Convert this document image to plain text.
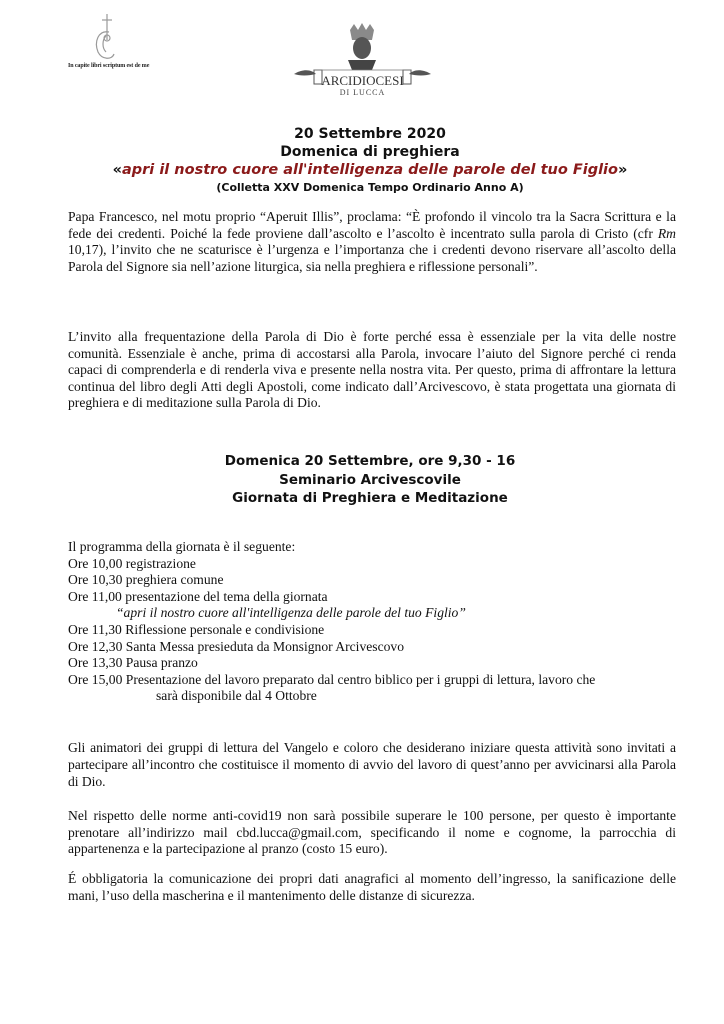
In capite libri scriptum est de me
ARCIDIOCESI
DI LUCCA
20 Settembre 2020
Domenica di preghiera
«apri il nostro cuore all'intelligenza delle parole del tuo Figlio»
(Colletta XXV Domenica Tempo Ordinario Anno A)
Papa Francesco, nel motu proprio “Aperuit Illis”, proclama: “È profondo il vincolo tra la Sacra Scrittura e la fede dei credenti. Poiché la fede proviene dall’ascolto e l’ascolto è incentrato sulla parola di Cristo (cfr Rm 10,17), l’invito che ne scaturisce è l’urgenza e l’importanza che i credenti devono riservare all’ascolto della Parola del Signore sia nell’azione liturgica, sia nella preghiera e riflessione personali”.
L’invito alla frequentazione della Parola di Dio è forte perché essa è essenziale per la vita delle nostre comunità. Essenziale è anche, prima di accostarsi alla Parola, invocare l’aiuto del Signore perché ci renda capaci di comprenderla e di renderla viva e presente nella nostra vita. Per questo, prima di affrontare la lettura continua del libro degli Atti degli Apostoli, come indicato dall’Arcivescovo, è stata progettata una giornata di preghiera e di meditazione sulla Parola di Dio.
Domenica 20 Settembre, ore 9,30 - 16
Seminario Arcivescovile
Giornata di Preghiera e Meditazione
Il programma della giornata è il seguente:
Ore 10,00 registrazione
Ore 10,30 preghiera comune
Ore 11,00 presentazione del tema della giornata
“apri il nostro cuore all'intelligenza delle parole del tuo Figlio”
Ore 11,30 Riflessione personale e condivisione
Ore 12,30 Santa Messa presieduta da Monsignor Arcivescovo
Ore 13,30 Pausa pranzo
Ore 15,00 Presentazione del lavoro preparato dal centro biblico per i gruppi di lettura, lavoro che
sarà disponibile dal 4 Ottobre
Gli animatori dei gruppi di lettura del Vangelo e coloro che desiderano iniziare questa attività sono invitati a partecipare all’incontro che costituisce il momento di avvio del lavoro di quest’anno per avvicinarsi alla Parola di Dio.
Nel rispetto delle norme anti-covid19 non sarà possibile superare le 100 persone, per questo è importante prenotare all’indirizzo mail cbd.lucca@gmail.com, specificando il nome e cognome, la parrocchia di appartenenza e la partecipazione al pranzo (costo 15 euro).
É obbligatoria la comunicazione dei propri dati anagrafici al momento dell’ingresso, la sanificazione delle mani, l’uso della mascherina e il mantenimento delle distanze di sicurezza.
